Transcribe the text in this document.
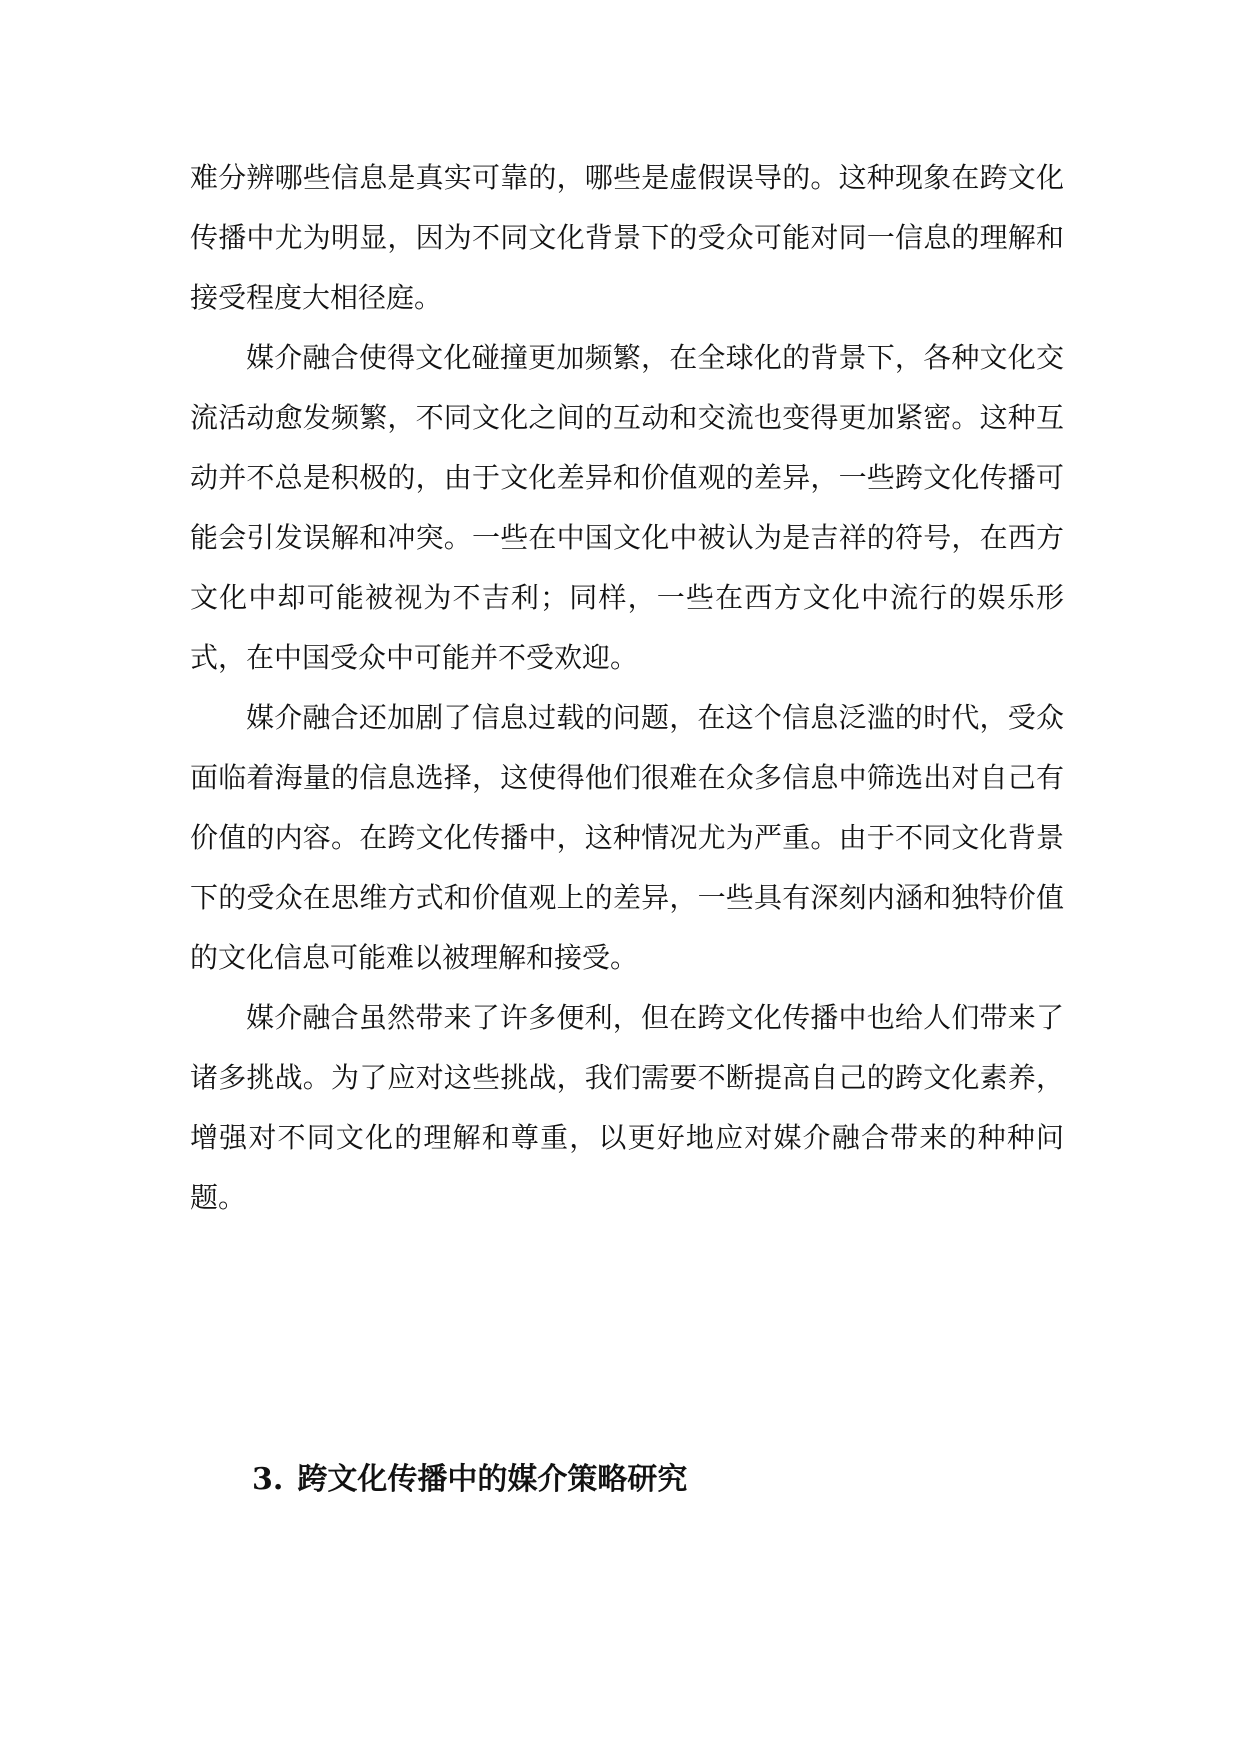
难分辨哪些信息是真实可靠的，哪些是虚假误导的。这种现象在跨文化传播中尤为明显，因为不同文化背景下的受众可能对同一信息的理解和接受程度大相径庭。

媒介融合使得文化碰撞更加频繁，在全球化的背景下，各种文化交流活动愈发频繁，不同文化之间的互动和交流也变得更加紧密。这种互动并不总是积极的，由于文化差异和价值观的差异，一些跨文化传播可能会引发误解和冲突。一些在中国文化中被认为是吉祥的符号，在西方文化中却可能被视为不吉利；同样，一些在西方文化中流行的娱乐形式，在中国受众中可能并不受欢迎。

媒介融合还加剧了信息过载的问题，在这个信息泛滥的时代，受众面临着海量的信息选择，这使得他们很难在众多信息中筛选出对自己有价值的内容。在跨文化传播中，这种情况尤为严重。由于不同文化背景下的受众在思维方式和价值观上的差异，一些具有深刻内涵和独特价值的文化信息可能难以被理解和接受。

媒介融合虽然带来了许多便利，但在跨文化传播中也给人们带来了诸多挑战。为了应对这些挑战，我们需要不断提高自己的跨文化素养，增强对不同文化的理解和尊重，以更好地应对媒介融合带来的种种问题。

3. 跨文化传播中的媒介策略研究
